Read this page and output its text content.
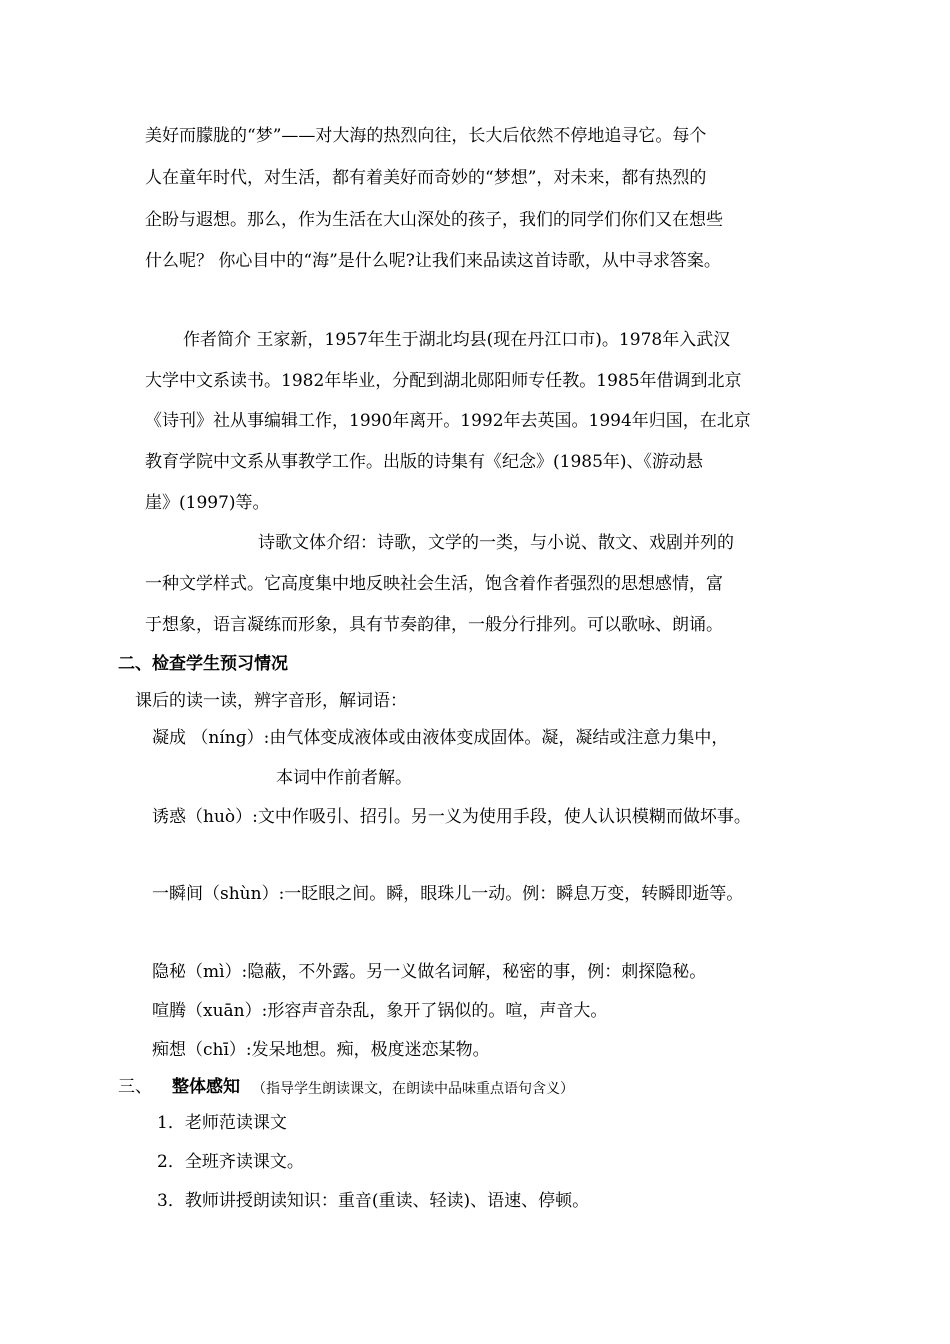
美好而朦胧的“梦”——对大海的热烈向往，长大后依然不停地追寻它。每个
人在童年时代，对生活，都有着美好而奇妙的“梦想”，对未来，都有热烈的
企盼与遐想。那么，作为生活在大山深处的孩子，我们的同学们你们又在想些
什么呢？ 你心目中的“海”是什么呢?让我们来品读这首诗歌，从中寻求答案。
作者简介 王家新，1957年生于湖北均县(现在丹江口市)。1978年入武汉
大学中文系读书。1982年毕业，分配到湖北郧阳师专任教。1985年借调到北京
《诗刊》社从事编辑工作，1990年离开。1992年去英国。1994年归国，在北京
教育学院中文系从事教学工作。出版的诗集有《纪念》(1985年)、《游动悬
崖》(1997)等。
诗歌文体介绍：诗歌，文学的一类，与小说、散文、戏剧并列的
一种文学样式。它高度集中地反映社会生活，饱含着作者强烈的思想感情，富
于想象，语言凝练而形象，具有节奏韵律，一般分行排列。可以歌咏、朗诵。
二、检查学生预习情况
课后的读一读，辨字音形，解词语：
凝成 （nínɡ）:由气体变成液体或由液体变成固体。凝，凝结或注意力集中，
本词中作前者解。
诱惑（huò）:文中作吸引、招引。另一义为使用手段，使人认识模糊而做坏事。
一瞬间（shùn）:一眨眼之间。瞬，眼珠儿一动。例：瞬息万变，转瞬即逝等。
隐秘（mì）:隐蔽，不外露。另一义做名词解，秘密的事，例：刺探隐秘。
喧腾（xuān）:形容声音杂乱，象开了锅似的。喧，声音大。
痴想（chī）:发呆地想。痴，极度迷恋某物。
三、 整体感知 （指导学生朗读课文，在朗读中品味重点语句含义）
1．老师范读课文
2．全班齐读课文。
3．教师讲授朗读知识：重音(重读、轻读)、语速、停顿。
